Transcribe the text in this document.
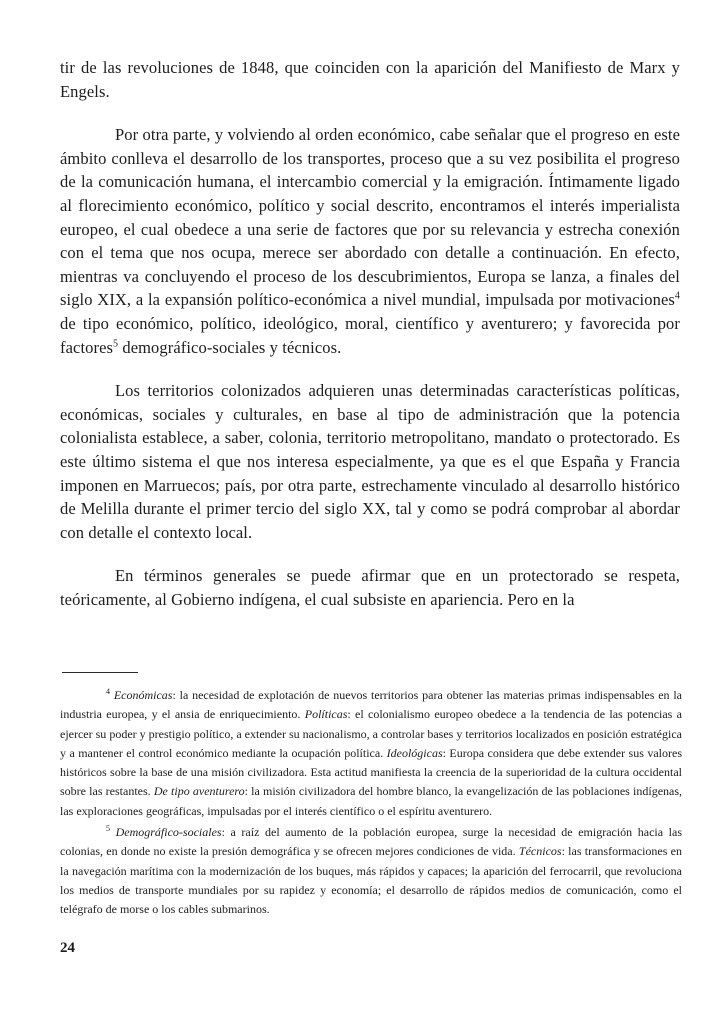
tir de las revoluciones de 1848, que coinciden con la aparición del Manifiesto de Marx y Engels.

Por otra parte, y volviendo al orden económico, cabe señalar que el progreso en este ámbito conlleva el desarrollo de los transportes, proceso que a su vez posibilita el progreso de la comunicación humana, el intercambio comercial y la emigración. Íntimamente ligado al florecimiento económico, político y social descrito, encontramos el interés imperialista europeo, el cual obedece a una serie de factores que por su relevancia y estrecha conexión con el tema que nos ocupa, merece ser abordado con detalle a continuación. En efecto, mientras va concluyendo el proceso de los descubrimientos, Europa se lanza, a finales del siglo XIX, a la expansión político-económica a nivel mundial, impulsada por motivaciones$^4$ de tipo económico, político, ideológico, moral, científico y aventurero; y favorecida por factores$^5$ demográfico-sociales y técnicos.

Los territorios colonizados adquieren unas determinadas características políticas, económicas, sociales y culturales, en base al tipo de administración que la potencia colonialista establece, a saber, colonia, territorio metropolitano, mandato o protectorado. Es este último sistema el que nos interesa especialmente, ya que es el que España y Francia imponen en Marruecos; país, por otra parte, estrechamente vinculado al desarrollo histórico de Melilla durante el primer tercio del siglo XX, tal y como se podrá comprobar al abordar con detalle el contexto local.

En términos generales se puede afirmar que en un protectorado se respeta, teóricamente, al Gobierno indígena, el cual subsiste en apariencia. Pero en la

$^4$ Económicas: la necesidad de explotación de nuevos territorios para obtener las materias primas indispensables en la industria europea, y el ansia de enriquecimiento. Políticas: el colonialismo europeo obedece a la tendencia de las potencias a ejercer su poder y prestigio político, a extender su nacionalismo, a controlar bases y territorios localizados en posición estratégica y a mantener el control económico mediante la ocupación política. Ideológicas: Europa considera que debe extender sus valores históricos sobre la base de una misión civilizadora. Esta actitud manifiesta la creencia de la superioridad de la cultura occidental sobre las restantes. De tipo aventurero: la misión civilizadora del hombre blanco, la evangelización de las poblaciones indígenas, las exploraciones geográficas, impulsadas por el interés científico o el espíritu aventurero.

$^5$ Demográfico-sociales: a raíz del aumento de la población europea, surge la necesidad de emigración hacia las colonias, en donde no existe la presión demográfica y se ofrecen mejores condiciones de vida. Técnicos: las transformaciones en la navegación marítima con la modernización de los buques, más rápidos y capaces; la aparición del ferrocarril, que revoluciona los medios de transporte mundiales por su rapidez y economía; el desarrollo de rápidos medios de comunicación, como el telégrafo de morse o los cables submarinos.

24
